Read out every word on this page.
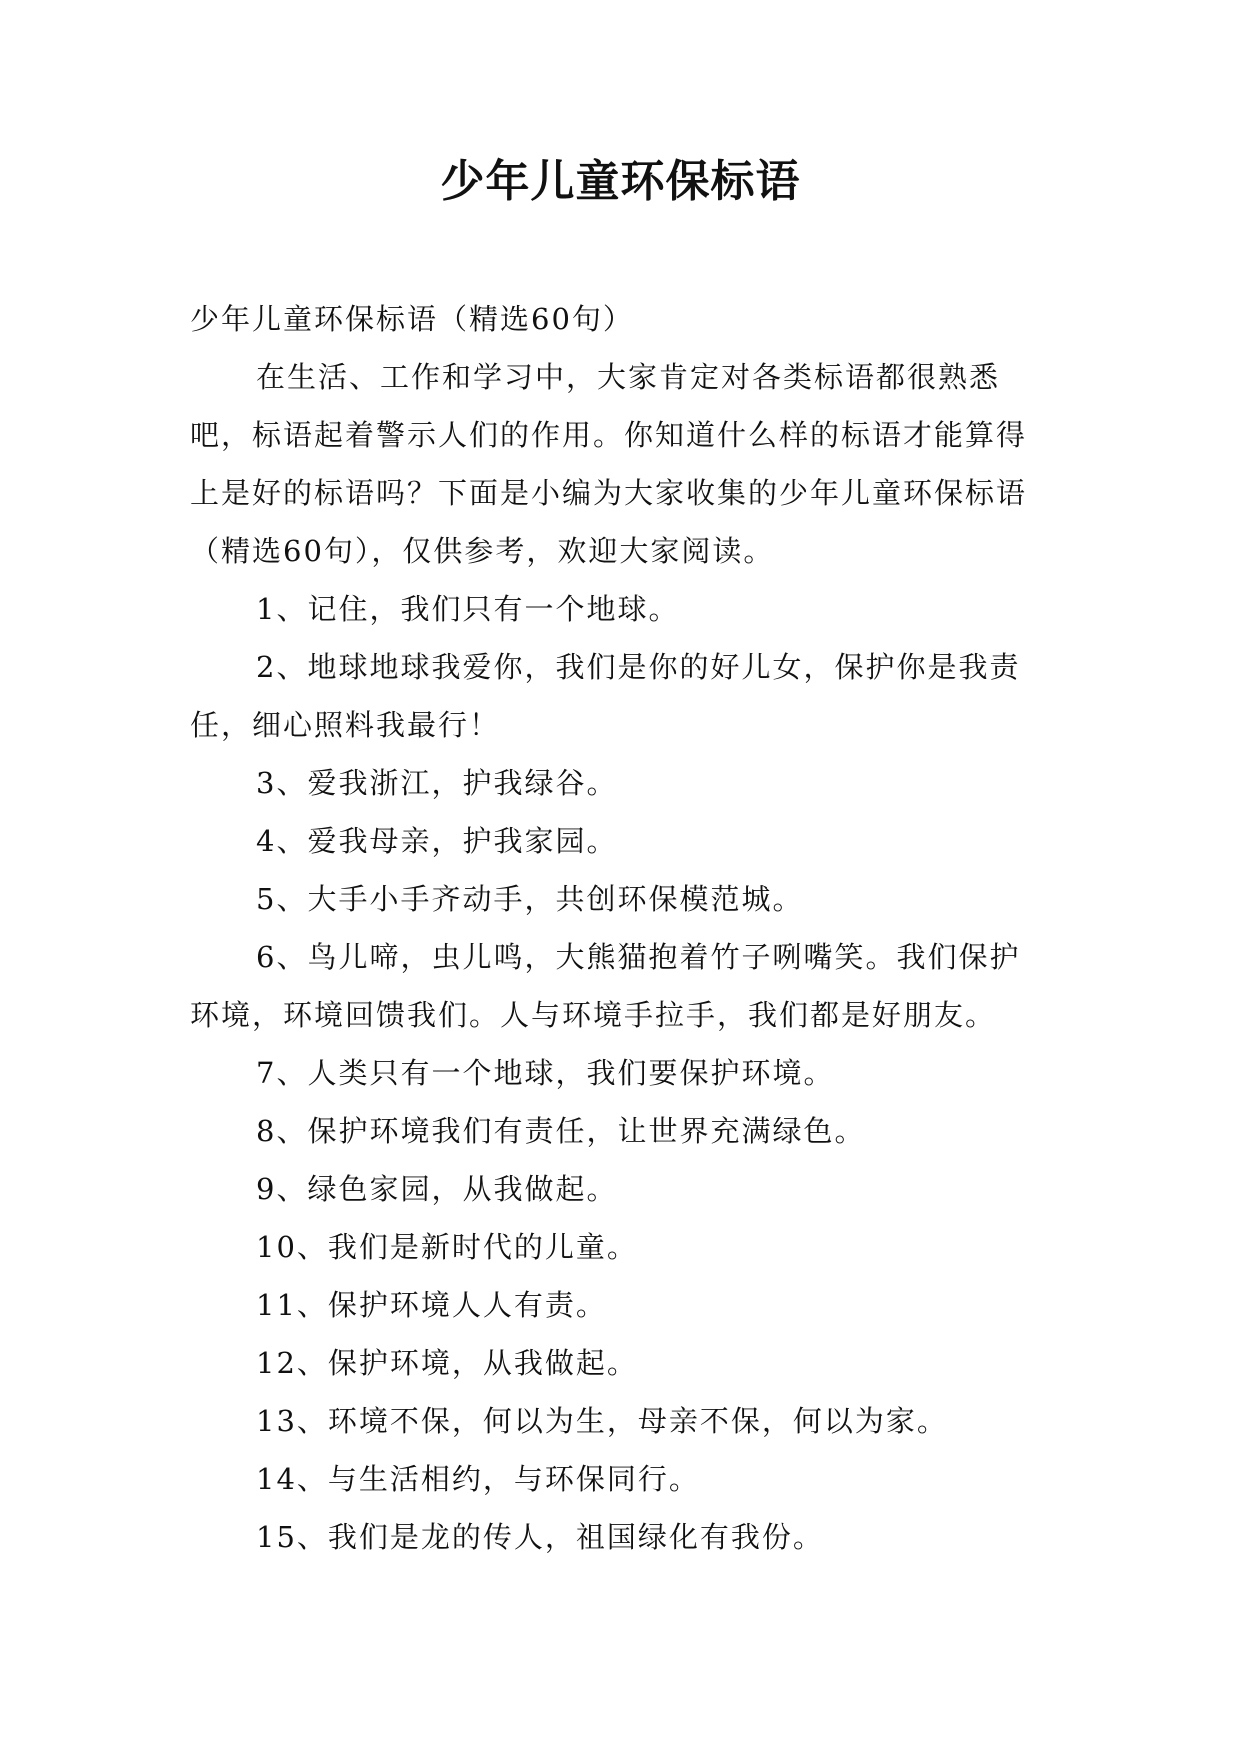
少年儿童环保标语

少年儿童环保标语（精选60句）

在生活、工作和学习中，大家肯定对各类标语都很熟悉吧，标语起着警示人们的作用。你知道什么样的标语才能算得上是好的标语吗？下面是小编为大家收集的少年儿童环保标语（精选60句），仅供参考，欢迎大家阅读。

1、记住，我们只有一个地球。

2、地球地球我爱你，我们是你的好儿女，保护你是我责任，细心照料我最行！

3、爱我浙江，护我绿谷。

4、爱我母亲，护我家园。

5、大手小手齐动手，共创环保模范城。

6、鸟儿啼，虫儿鸣，大熊猫抱着竹子咧嘴笑。我们保护环境，环境回馈我们。人与环境手拉手，我们都是好朋友。

7、人类只有一个地球，我们要保护环境。

8、保护环境我们有责任，让世界充满绿色。

9、绿色家园，从我做起。

10、我们是新时代的儿童。

11、保护环境人人有责。

12、保护环境，从我做起。

13、环境不保，何以为生，母亲不保，何以为家。

14、与生活相约，与环保同行。

15、我们是龙的传人，祖国绿化有我份。
